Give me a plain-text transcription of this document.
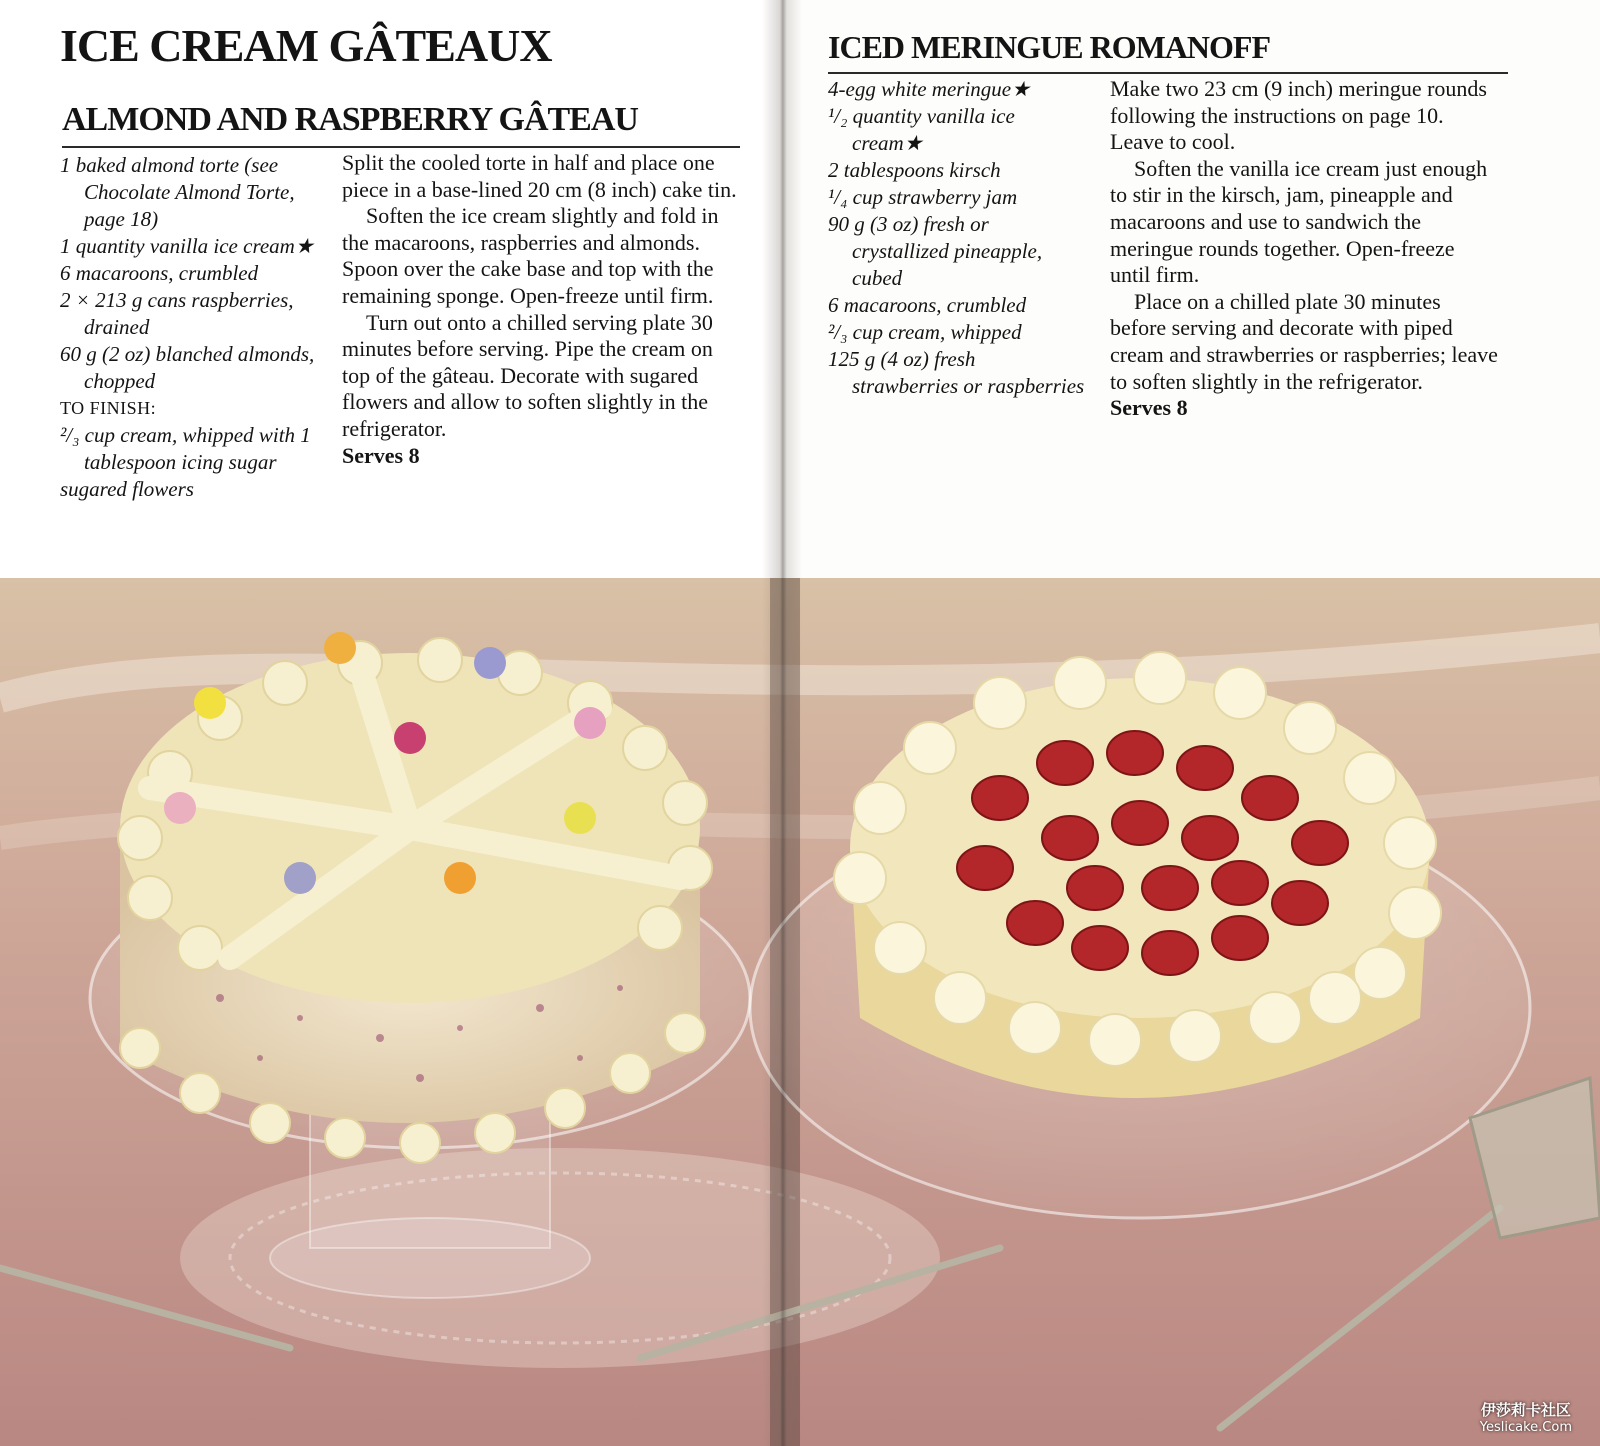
ICE CREAM GÂTEAUX
ALMOND AND RASPBERRY GÂTEAU
1 baked almond torte (see Chocolate Almond Torte, page 18)
1 quantity vanilla ice cream★
6 macaroons, crumbled
2 × 213 g cans raspberries, drained
60 g (2 oz) blanched almonds, chopped
TO FINISH:
²/₃ cup cream, whipped with 1 tablespoon icing sugar
sugared flowers

Split the cooled torte in half and place one piece in a base-lined 20 cm (8 inch) cake tin.

Soften the ice cream slightly and fold in the macaroons, raspberries and almonds. Spoon over the cake base and top with the remaining sponge. Open-freeze until firm.

Turn out onto a chilled serving plate 30 minutes before serving. Pipe the cream on top of the gâteau. Decorate with sugared flowers and allow to soften slightly in the refrigerator.

Serves 8

ICED MERINGUE ROMANOFF
4-egg white meringue★
¹/₂ quantity vanilla ice cream★
2 tablespoons kirsch
¹/₄ cup strawberry jam
90 g (3 oz) fresh or crystallized pineapple, cubed
6 macaroons, crumbled
²/₃ cup cream, whipped
125 g (4 oz) fresh strawberries or raspberries

Make two 23 cm (9 inch) meringue rounds following the instructions on page 10. Leave to cool.

Soften the vanilla ice cream just enough to stir in the kirsch, jam, pineapple and macaroons and use to sandwich the meringue rounds together. Open-freeze until firm.

Place on a chilled plate 30 minutes before serving and decorate with piped cream and strawberries or raspberries; leave to soften slightly in the refrigerator.

Serves 8

伊莎莉卡社区
Yeslicake.Com
